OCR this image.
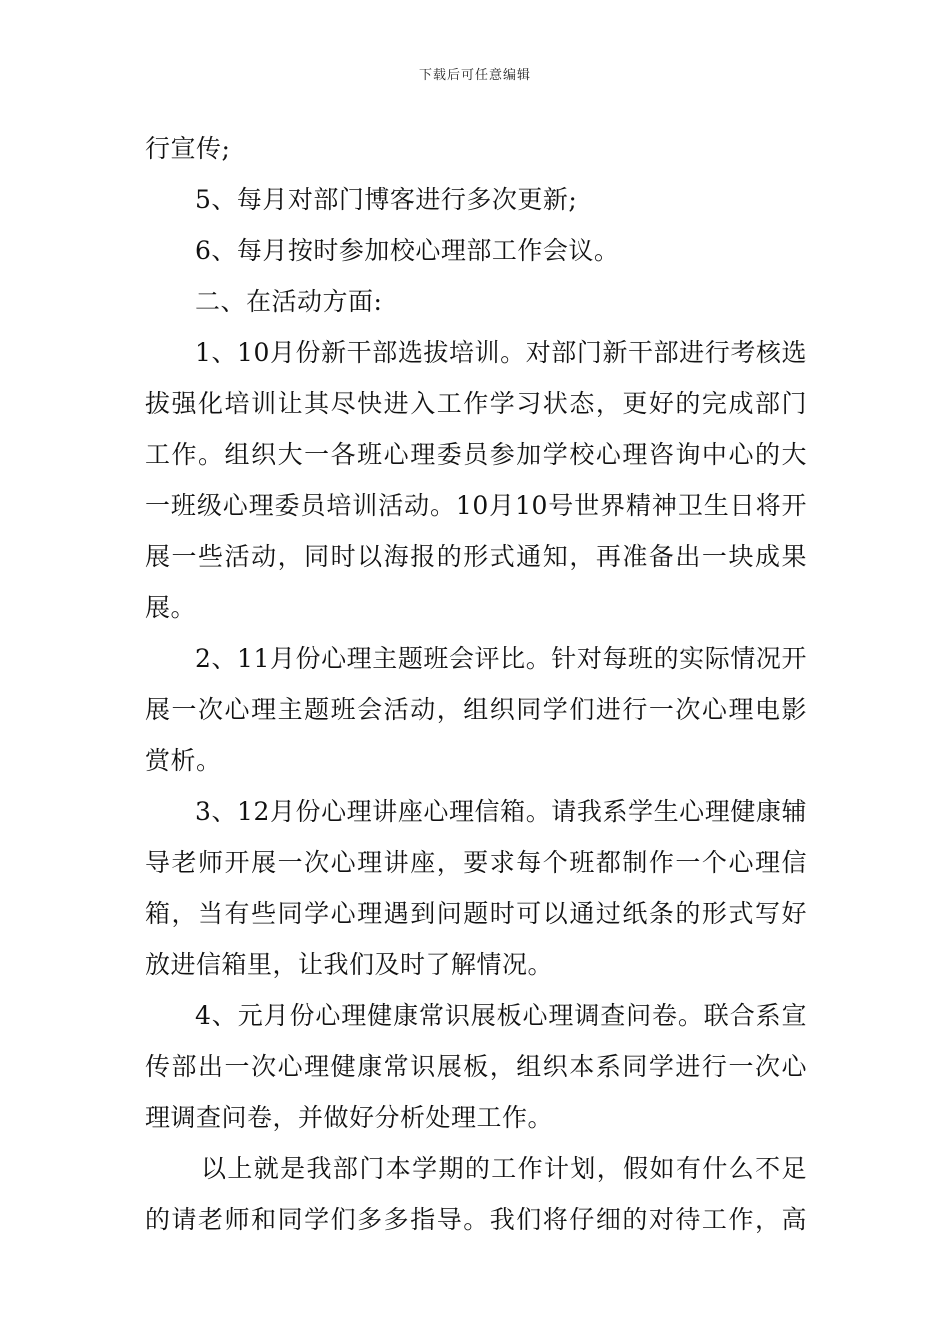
下载后可任意编辑
行宣传;
5、每月对部门博客进行多次更新;
6、每月按时参加校心理部工作会议。
二、在活动方面:
1、10月份新干部选拔培训。对部门新干部进行考核选
拔强化培训让其尽快进入工作学习状态，更好的完成部门
工作。组织大一各班心理委员参加学校心理咨询中心的大
一班级心理委员培训活动。10月10号世界精神卫生日将开
展一些活动，同时以海报的形式通知，再准备出一块成果
展。
2、11月份心理主题班会评比。针对每班的实际情况开
展一次心理主题班会活动，组织同学们进行一次心理电影
赏析。
3、12月份心理讲座心理信箱。请我系学生心理健康辅
导老师开展一次心理讲座，要求每个班都制作一个心理信
箱，当有些同学心理遇到问题时可以通过纸条的形式写好
放进信箱里，让我们及时了解情况。
4、元月份心理健康常识展板心理调查问卷。联合系宣
传部出一次心理健康常识展板，组织本系同学进行一次心
理调查问卷，并做好分析处理工作。
以上就是我部门本学期的工作计划，假如有什么不足
的请老师和同学们多多指导。我们将仔细的对待工作，高
